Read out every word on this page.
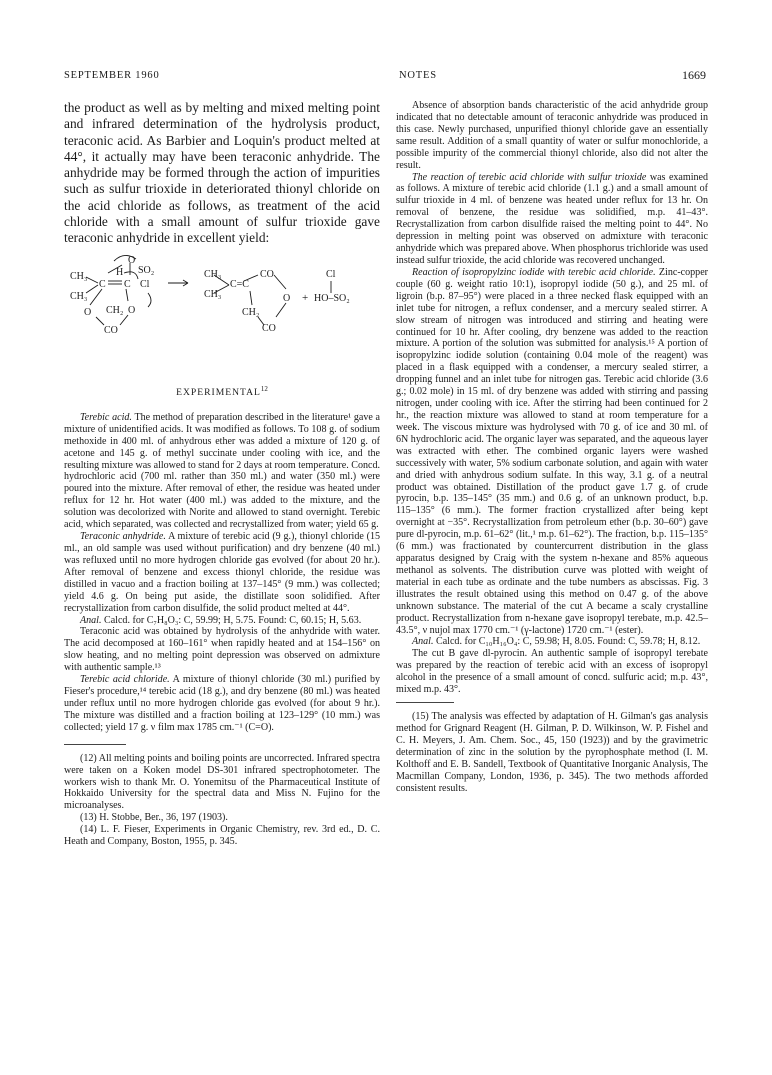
SEPTEMBER 1960	NOTES	1669

the product as well as by melting and mixed melting point and infrared determination of the hydrolysis product, teraconic acid. As Barbier and Loquin's product melted at 44°, it actually may have been teraconic anhydride. The anhydride may be formed through the action of impurities such as sulfur trioxide in deteriorated thionyl chloride on the acid chloride as follows, as treatment of the acid chloride with a small amount of sulfur trioxide gave teraconic anhydride in excellent yield:

CH₃
CH₃
C C
H
O
SO₂
Cl
O CH₂ O
CO
CH₃
CH₃
C=C
CO
O
CH₂
CO
+
Cl
HO–SO₂
EXPERIMENTAL$^{12}$

Terebic acid. The method of preparation described in the literature¹ gave a mixture of unidentified acids. It was modified as follows. To 108 g. of sodium methoxide in 400 ml. of anhydrous ether was added a mixture of 120 g. of acetone and 145 g. of methyl succinate under cooling with ice, and the resulting mixture was allowed to stand for 2 days at room temperature. Concd. hydrochloric acid (700 ml. rather than 350 ml.) and water (350 ml.) were poured into the mixture. After removal of ether, the residue was heated under reflux for 12 hr. Hot water (400 ml.) was added to the mixture, and the solution was decolorized with Norite and allowed to stand overnight. Terebic acid, which separated, was collected and recrystallized from water; yield 65 g.

Teraconic anhydride. A mixture of terebic acid (9 g.), thionyl chloride (15 ml., an old sample was used without purification) and dry benzene (40 ml.) was refluxed until no more hydrogen chloride gas evolved (for about 20 hr.). After removal of benzene and excess thionyl chloride, the residue was distilled in vacuo and a fraction boiling at 137–145° (9 mm.) was collected; yield 4.6 g. On being put aside, the distillate soon solidified. After recrystallization from carbon disulfide, the solid product melted at 44°.

Anal. Calcd. for C₇H₈O₃: C, 59.99; H, 5.75. Found: C, 60.15; H, 5.63.

Teraconic acid was obtained by hydrolysis of the anhydride with water. The acid decomposed at 160–161° when rapidly heated and at 154–156° on slow heating, and no melting point depression was observed on admixture with authentic sample.¹³

Terebic acid chloride. A mixture of thionyl chloride (30 ml.) purified by Fieser's procedure,¹⁴ terebic acid (18 g.), and dry benzene (80 ml.) was heated under reflux until no more hydrogen chloride gas evolved (for about 9 hr.). The mixture was distilled and a fraction boiling at 123–129° (10 mm.) was collected; yield 17 g. ν film max 1785 cm.⁻¹ (C=O).

(12) All melting points and boiling points are uncorrected. Infrared spectra were taken on a Koken model DS-301 infrared spectrophotometer. The workers wish to thank Mr. O. Yonemitsu of the Pharmaceutical Institute of Hokkaido University for the spectral data and Miss N. Fujino for the microanalyses.

(13) H. Stobbe, Ber., 36, 197 (1903).

(14) L. F. Fieser, Experiments in Organic Chemistry, rev. 3rd ed., D. C. Heath and Company, Boston, 1955, p. 345.

Absence of absorption bands characteristic of the acid anhydride group indicated that no detectable amount of teraconic anhydride was produced in this case. Newly purchased, unpurified thionyl chloride gave an essentially same result. Addition of a small quantity of water or sulfur monochloride, a possible impurity of the commercial thionyl chloride, also did not alter the result.

The reaction of terebic acid chloride with sulfur trioxide was examined as follows. A mixture of terebic acid chloride (1.1 g.) and a small amount of sulfur trioxide in 4 ml. of benzene was heated under reflux for 13 hr. On removal of benzene, the residue was solidified, m.p. 41–43°. Recrystallization from carbon disulfide raised the melting point to 44°. No depression in melting point was observed on admixture with teraconic anhydride which was prepared above. When phosphorus trichloride was used instead sulfur trioxide, the acid chloride was recovered unchanged.

Reaction of isopropylzinc iodide with terebic acid chloride. Zinc-copper couple (60 g. weight ratio 10:1), isopropyl iodide (50 g.), and 25 ml. of ligroin (b.p. 87–95°) were placed in a three necked flask equipped with an inlet tube for nitrogen, a reflux condenser, and a mercury sealed stirrer. A slow stream of nitrogen was introduced and stirring and heating were continued for 10 hr. After cooling, dry benzene was added to the reaction mixture. A portion of the solution was submitted for analysis.¹⁵ A portion of isopropylzinc iodide solution (containing 0.04 mole of the reagent) was placed in a flask equipped with a condenser, a mercury sealed stirrer, a dropping funnel and an inlet tube for nitrogen gas. Terebic acid chloride (3.6 g.; 0.02 mole) in 15 ml. of dry benzene was added with stirring and passing nitrogen, under cooling with ice. After the stirring had been continued for 2 hr., the reaction mixture was allowed to stand at room temperature for a week. The viscous mixture was hydrolysed with 70 g. of ice and 30 ml. of 6N hydrochloric acid. The organic layer was separated, and the aqueous layer was extracted with ether. The combined organic layers were washed successively with water, 5% sodium carbonate solution, and again with water and dried with anhydrous sodium sulfate. In this way, 3.1 g. of a neutral product was obtained. Distillation of the product gave 1.7 g. of crude pyrocin, b.p. 135–145° (35 mm.) and 0.6 g. of an unknown product, b.p. 115–135° (6 mm.). The former fraction crystallized after being kept overnight at −35°. Recrystallization from petroleum ether (b.p. 30–60°) gave pure dl-pyrocin, m.p. 61–62° (lit.,¹ m.p. 61–62°). The fraction, b.p. 115–135° (6 mm.) was fractionated by countercurrent distribution in the glass apparatus designed by Craig with the system n-hexane and 85% aqueous methanol as solvents. The distribution curve was plotted with weight of material in each tube as ordinate and the tube numbers as abscissas. Fig. 3 illustrates the result obtained using this method on 0.47 g. of the above unknown substance. The material of the cut A became a scaly crystalline product. Recrystallization from n-hexane gave isopropyl terebate, m.p. 42.5–43.5°, ν nujol max 1770 cm.⁻¹ (γ-lactone) 1720 cm.⁻¹ (ester).

Anal. Calcd. for C₁₀H₁₆O₄: C, 59.98; H, 8.05. Found: C, 59.78; H, 8.12.

The cut B gave dl-pyrocin. An authentic sample of isopropyl terebate was prepared by the reaction of terebic acid with an excess of isopropyl alcohol in the presence of a small amount of concd. sulfuric acid; m.p. 43°, mixed m.p. 43°.

(15) The analysis was effected by adaptation of H. Gilman's gas analysis method for Grignard Reagent (H. Gilman, P. D. Wilkinson, W. P. Fishel and C. H. Meyers, J. Am. Chem. Soc., 45, 150 (1923)) and by the gravimetric determination of zinc in the solution by the pyrophosphate method (I. M. Kolthoff and E. B. Sandell, Textbook of Quantitative Inorganic Analysis, The Macmillan Company, London, 1936, p. 345). The two methods afforded consistent results.
